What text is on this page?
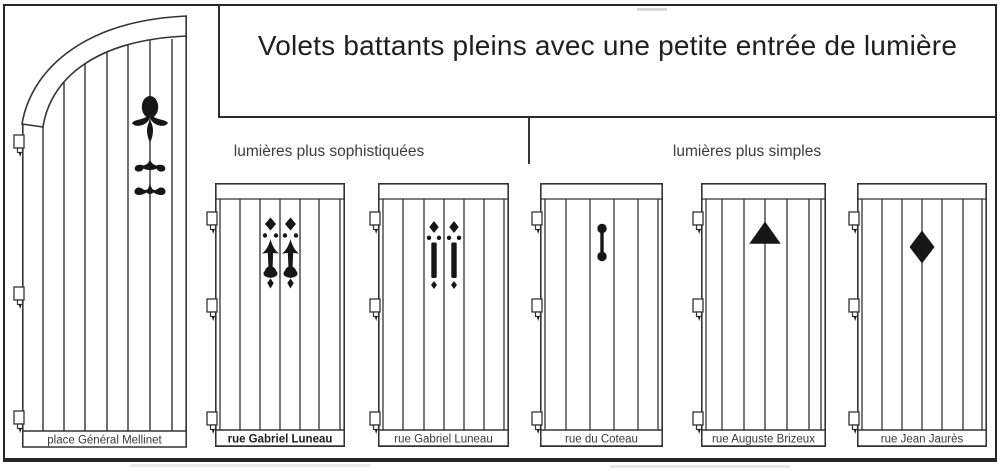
Volets battants pleins avec une petite entrée de lumière
lumières plus sophistiquées	lumières plus simples
place Général Mellinet	rue Gabriel Luneau	rue Gabriel Luneau	rue du Coteau	rue Auguste Brizeux	rue Jean Jaurès
